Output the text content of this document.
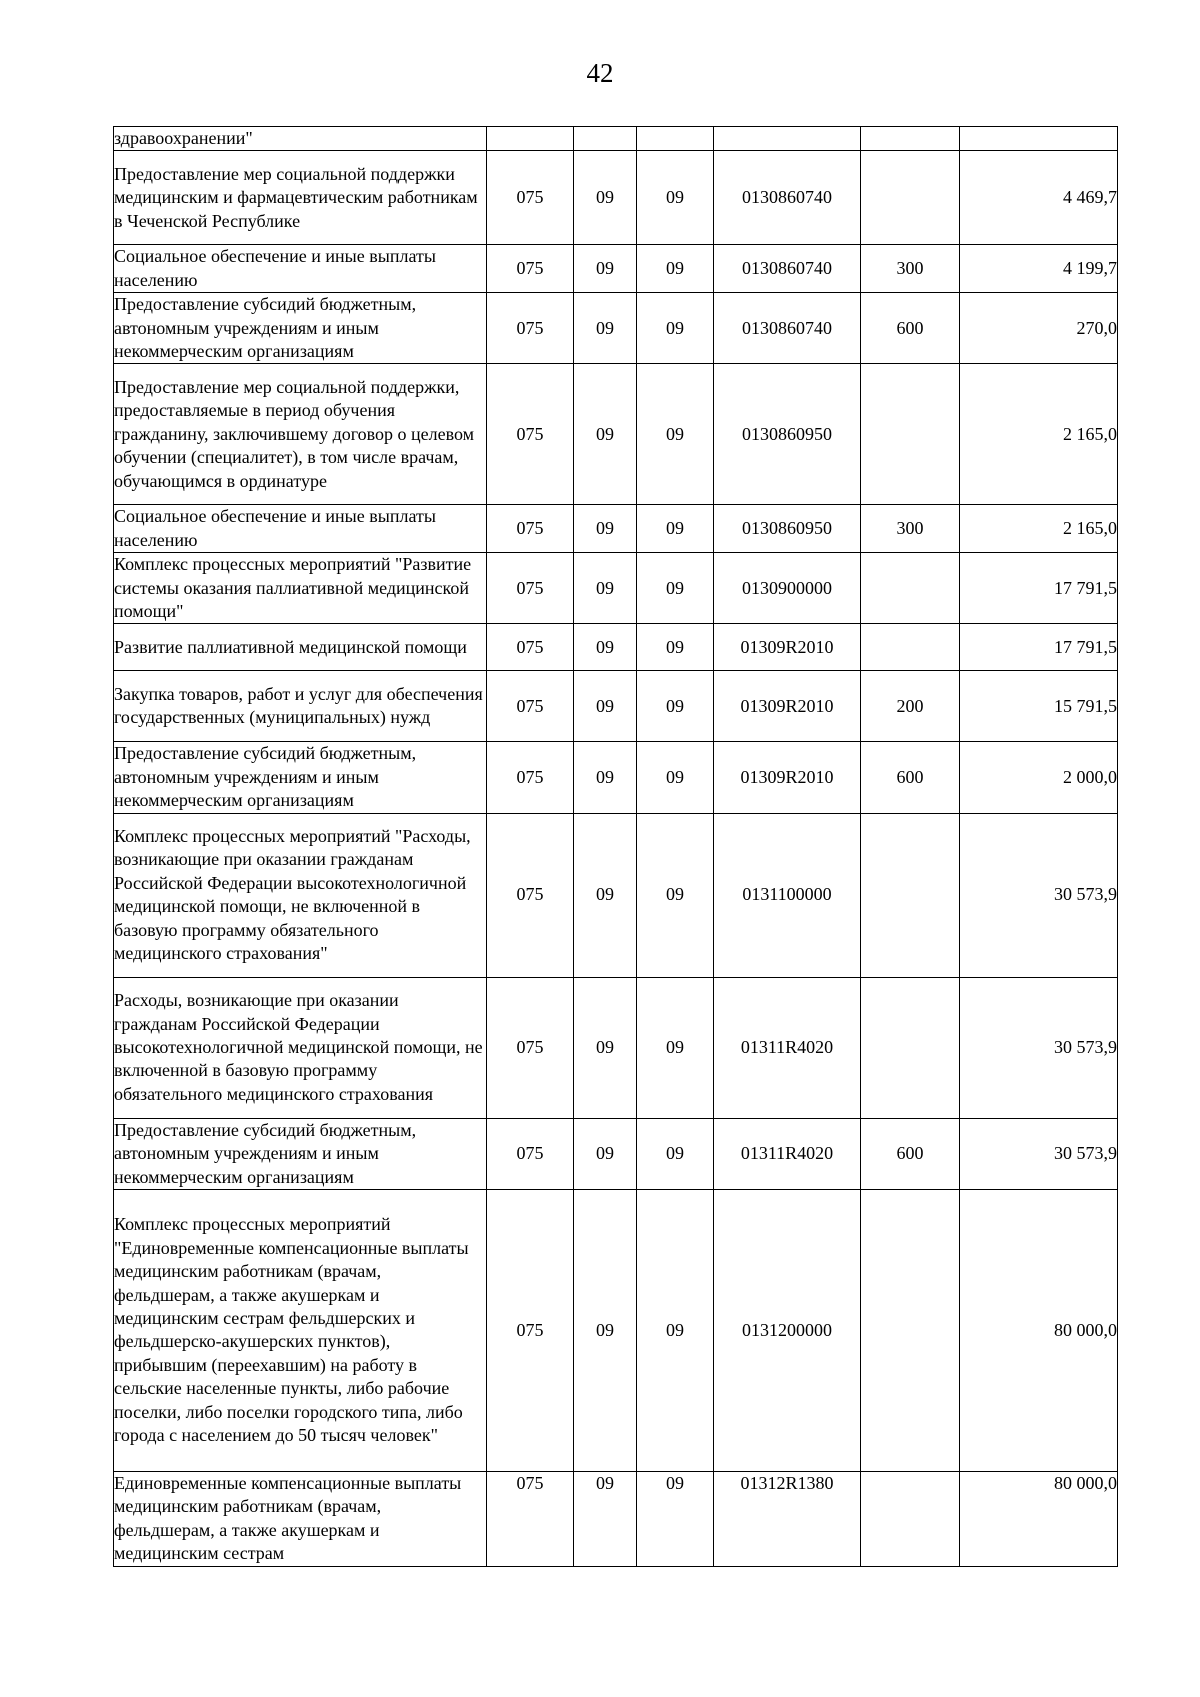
42
здравоохранении"						
Предоставление мер социальной поддержки медицинским и фармацевтическим работникам в Чеченской Республике	075	09	09	0130860740		4 469,7
Социальное обеспечение и иные выплаты населению	075	09	09	0130860740	300	4 199,7
Предоставление субсидий бюджетным, автономным учреждениям и иным некоммерческим организациям	075	09	09	0130860740	600	270,0
Предоставление мер социальной поддержки, предоставляемые в период обучения гражданину, заключившему договор о целевом обучении (специалитет), в том числе врачам, обучающимся в ординатуре	075	09	09	0130860950		2 165,0
Социальное обеспечение и иные выплаты населению	075	09	09	0130860950	300	2 165,0
Комплекс процессных мероприятий "Развитие системы оказания паллиативной медицинской помощи"	075	09	09	0130900000		17 791,5
Развитие паллиативной медицинской помощи	075	09	09	01309R2010		17 791,5
Закупка товаров, работ и услуг для обеспечения государственных (муниципальных) нужд	075	09	09	01309R2010	200	15 791,5
Предоставление субсидий бюджетным, автономным учреждениям и иным некоммерческим организациям	075	09	09	01309R2010	600	2 000,0
Комплекс процессных мероприятий "Расходы, возникающие при оказании гражданам Российской Федерации высокотехнологичной медицинской помощи, не включенной в базовую программу обязательного медицинского страхования"	075	09	09	0131100000		30 573,9
Расходы, возникающие при оказании гражданам Российской Федерации высокотехнологичной медицинской помощи, не включенной в базовую программу обязательного медицинского страхования	075	09	09	01311R4020		30 573,9
Предоставление субсидий бюджетным, автономным учреждениям и иным некоммерческим организациям	075	09	09	01311R4020	600	30 573,9
Комплекс процессных мероприятий "Единовременные компенсационные выплаты медицинским работникам (врачам, фельдшерам, а также акушеркам и медицинским сестрам фельдшерских и фельдшерско-акушерских пунктов), прибывшим (переехавшим) на работу в сельские населенные пункты, либо рабочие поселки, либо поселки городского типа, либо города с населением до 50 тысяч человек"	075	09	09	0131200000		80 000,0
Единовременные компенсационные выплаты медицинским работникам (врачам, фельдшерам, а также акушеркам и медицинским сестрам	075	09	09	01312R1380		80 000,0
